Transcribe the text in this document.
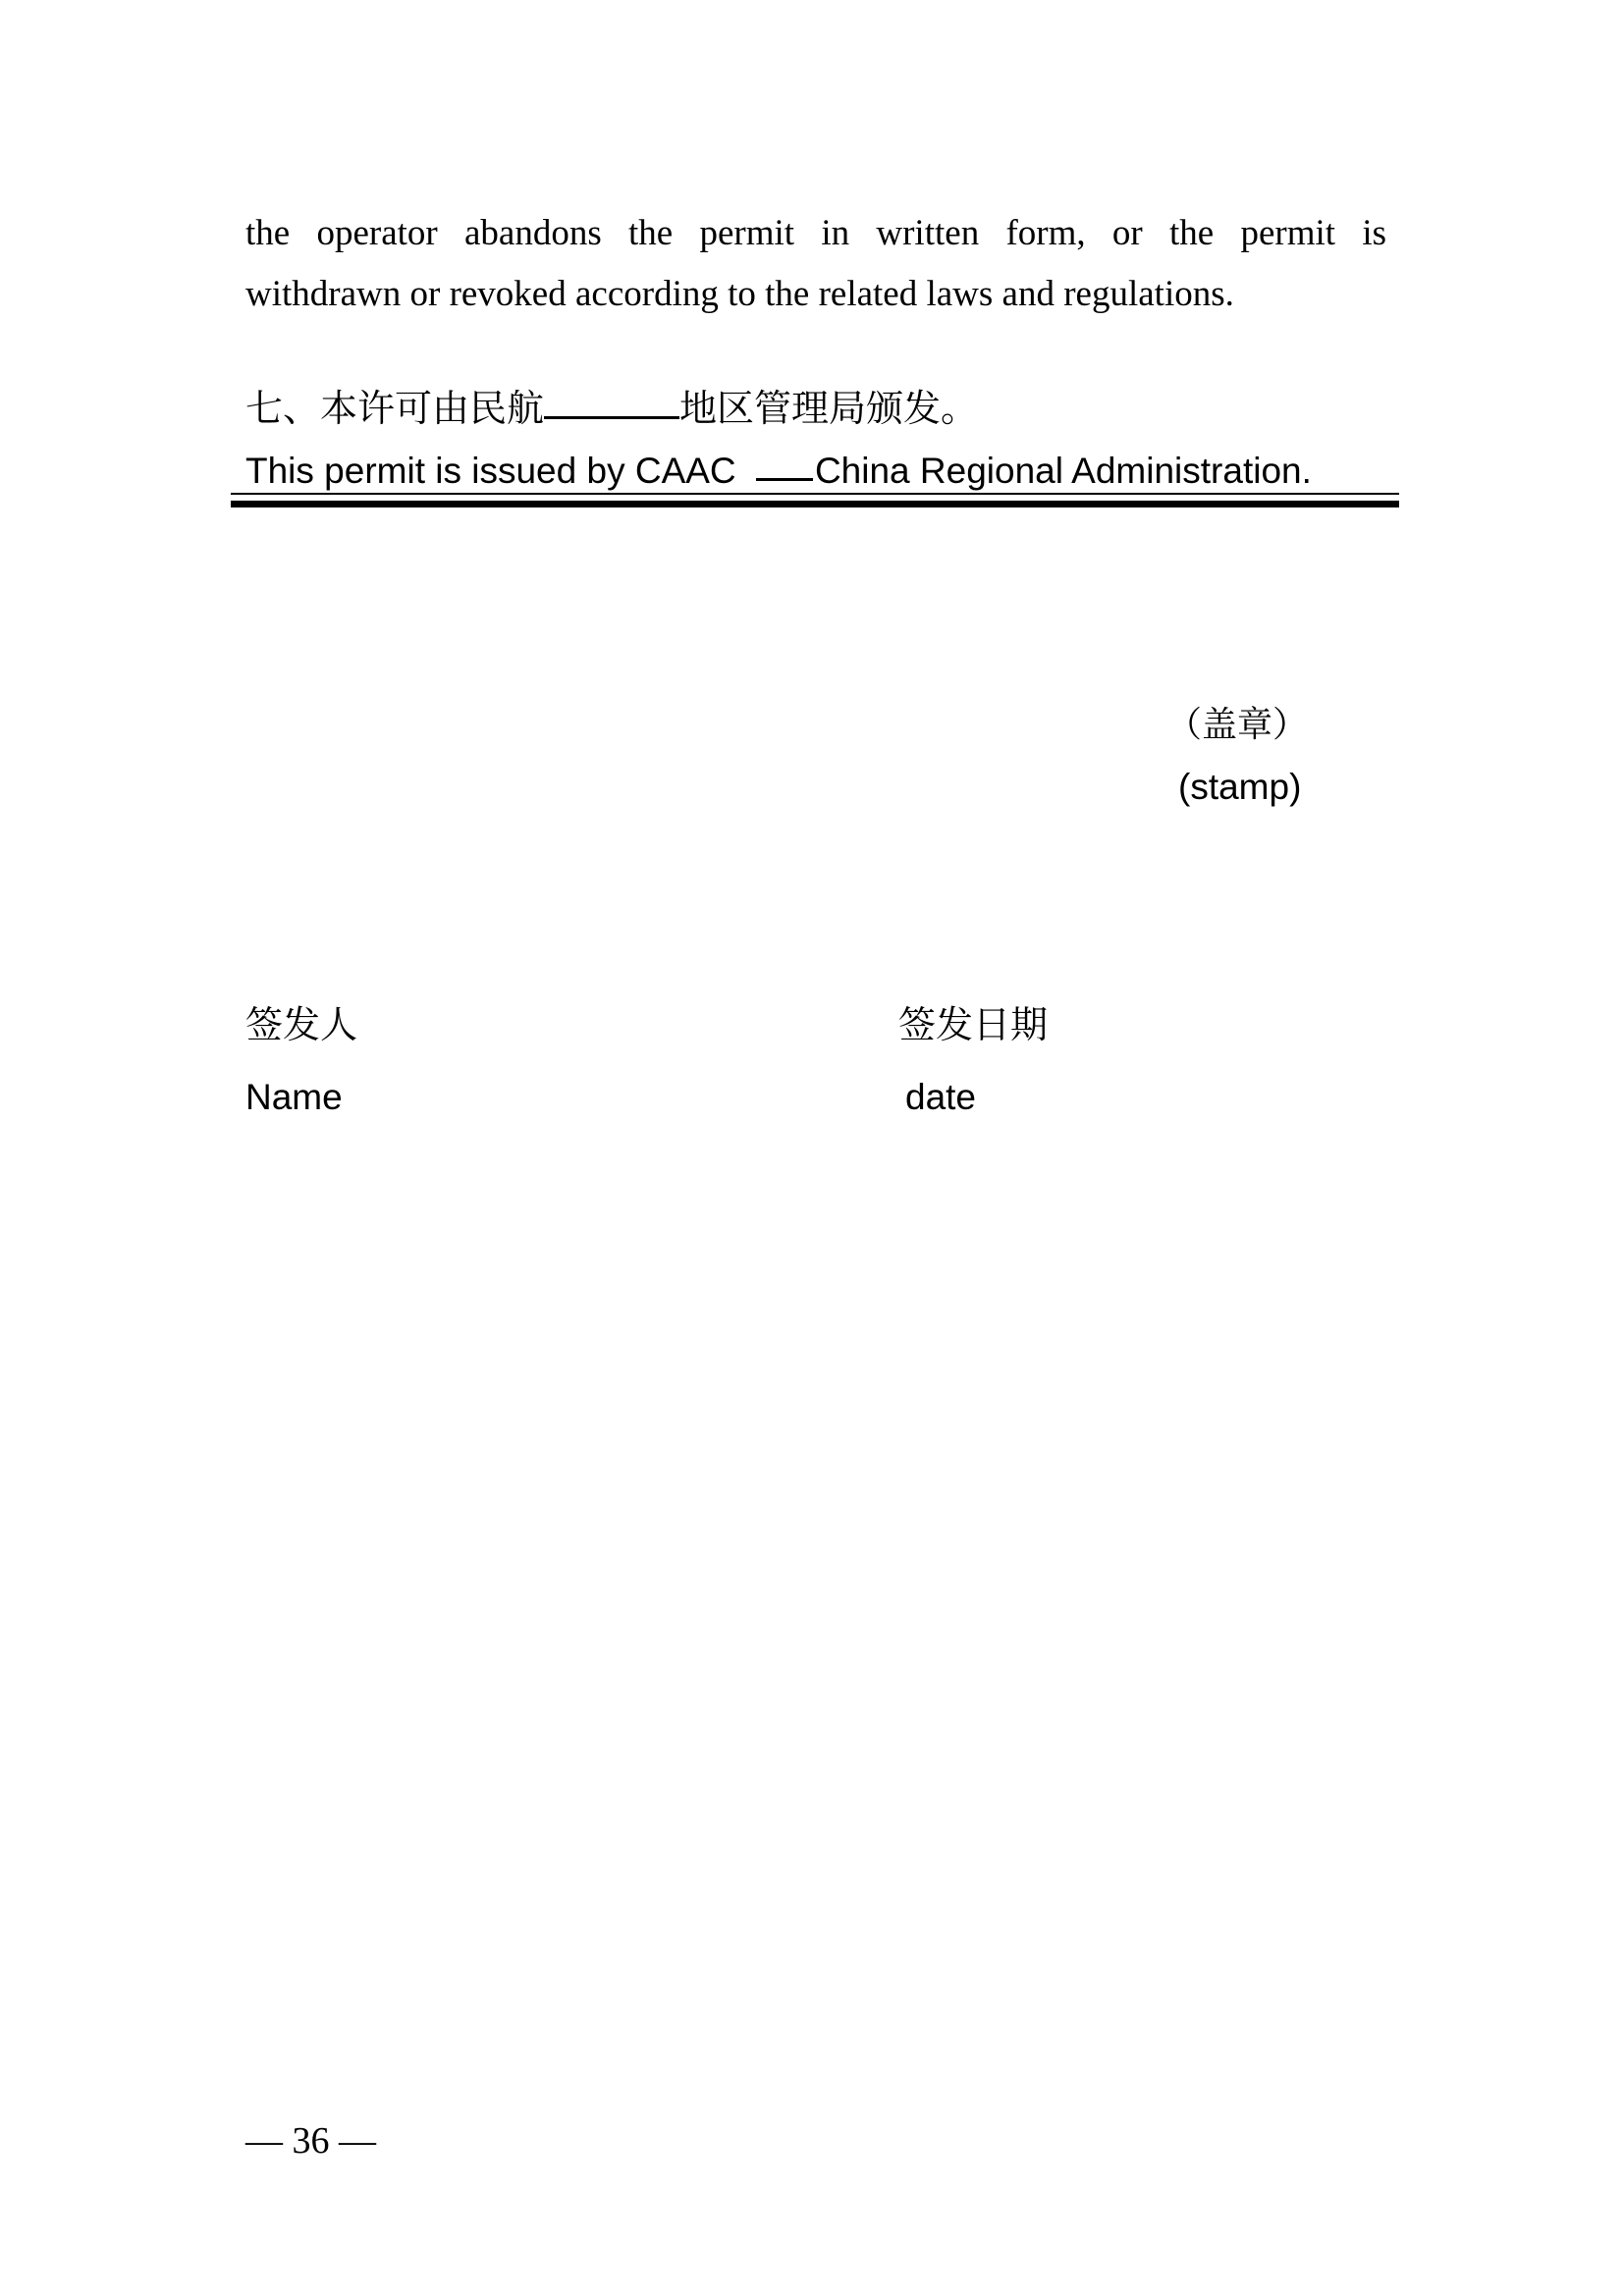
the operator abandons the permit in written form, or the permit is
withdrawn or revoked according to the related laws and regulations.
七、本许可由民航	地区管理局颁发。
This permit is issued by CAAC China Regional Administration.
（盖章）
(stamp)
签发人
Name
签发日期
date
— 36 —
